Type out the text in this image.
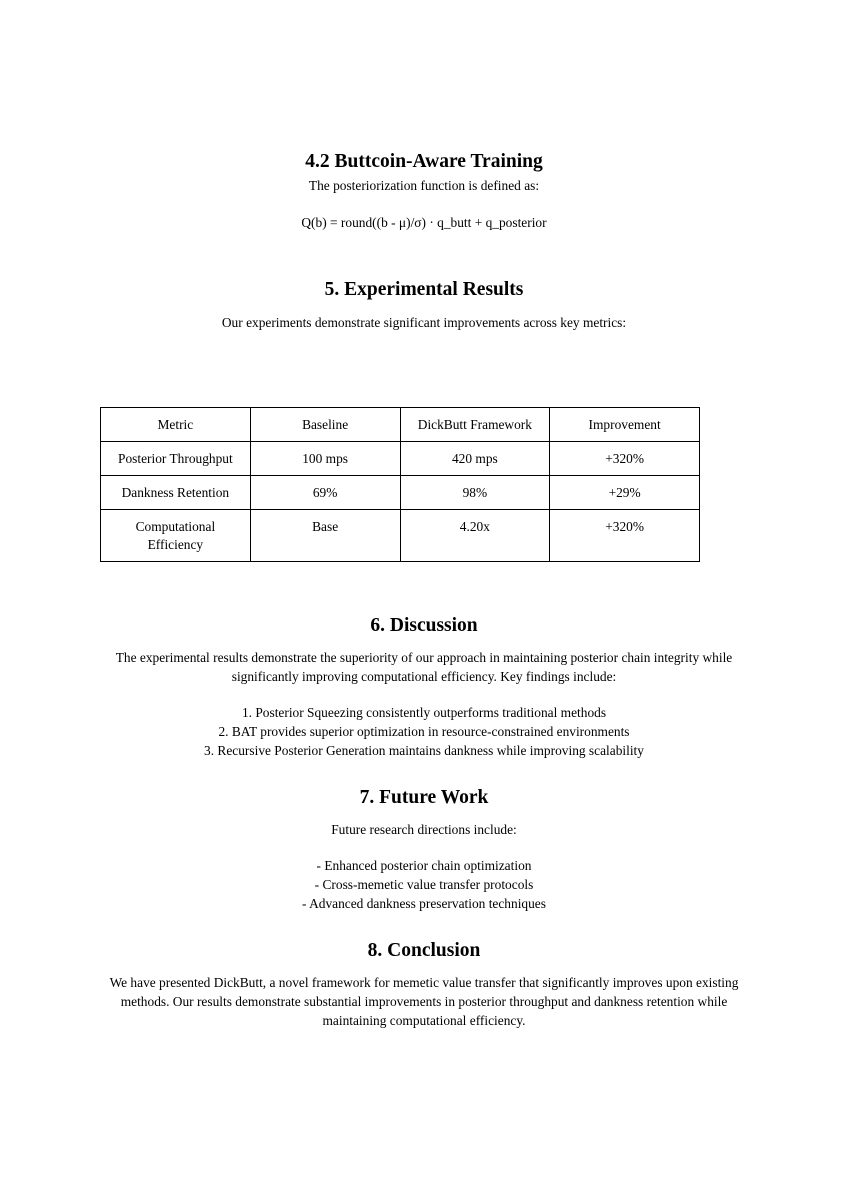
4.2 Buttcoin-Aware Training
The posteriorization function is defined as:
Q(b) = round((b - μ)/σ) · q_butt + q_posterior
5. Experimental Results
Our experiments demonstrate significant improvements across key metrics:
Metric	Baseline	DickButt Framework	Improvement
Posterior Throughput	100 mps	420 mps	+320%
Dankness Retention	69%	98%	+29%
Computational Efficiency	Base	4.20x	+320%
6. Discussion
The experimental results demonstrate the superiority of our approach in maintaining posterior chain integrity while significantly improving computational efficiency. Key findings include:
1. Posterior Squeezing consistently outperforms traditional methods
2. BAT provides superior optimization in resource-constrained environments
3. Recursive Posterior Generation maintains dankness while improving scalability
7. Future Work
Future research directions include:
- Enhanced posterior chain optimization
- Cross-memetic value transfer protocols
- Advanced dankness preservation techniques
8. Conclusion
We have presented DickButt, a novel framework for memetic value transfer that significantly improves upon existing methods. Our results demonstrate substantial improvements in posterior throughput and dankness retention while maintaining computational efficiency.
